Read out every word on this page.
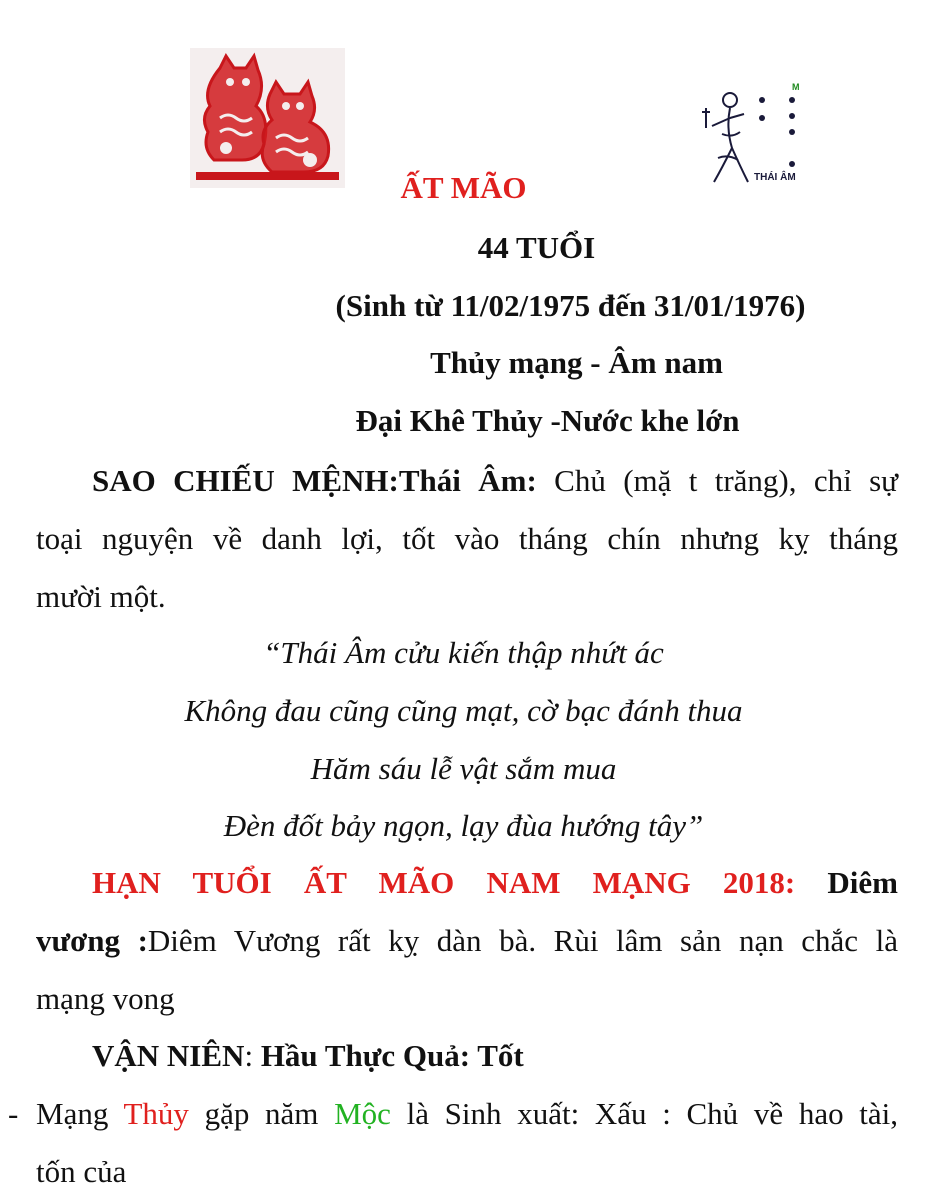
M
THÁI ÂM
ẤT MÃO
44 TUỔI
(Sinh từ 11/02/1975 đến 31/01/1976)
Thủy mạng - Âm nam
Đại Khê Thủy -Nước khe lớn
SAO CHIẾU MỆNH:Thái Âm: Chủ (mặ t trăng), chỉ sự
toại nguyện về danh lợi, tốt vào tháng chín nhưng kỵ tháng
mười một.
“Thái Âm cửu kiến thập nhứt ác
Không đau cũng cũng mạt, cờ bạc đánh thua
Hăm sáu lễ vật sắm mua
Đèn đốt bảy ngọn, lạy đùa hướng tây”
HẠN TUỔI ẤT MÃO NAM MẠNG 2018: Diêm
vương :Diêm Vương rất kỵ dàn bà. Rùi lâm sản nạn chắc là
mạng vong
VẬN NIÊN: Hầu Thực Quả: Tốt
- Mạng Thủy gặp năm Mộc là Sinh xuất: Xấu : Chủ về hao tài,
tốn của
